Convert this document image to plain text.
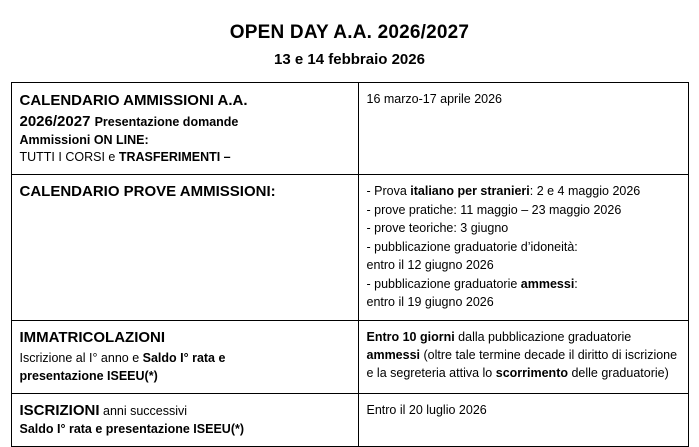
OPEN DAY A.A. 2026/2027
13 e 14 febbraio 2026
CALENDARIO AMMISSIONI A.A.
2026/2027 Presentazione domande
Ammissioni ON LINE:
TUTTI I CORSI e TRASFERIMENTI –	16 marzo-17 aprile 2026

CALENDARIO PROVE AMMISSIONI:	- Prova italiano per stranieri: 2 e 4 maggio 2026
- prove pratiche: 11 maggio – 23 maggio 2026
- prove teoriche: 3 giugno
- pubblicazione graduatorie d’idoneità:
entro il 12 giugno 2026
- pubblicazione graduatorie ammessi:
entro il 19 giugno 2026

IMMATRICOLAZIONI
Iscrizione al I° anno e Saldo I° rata e
presentazione ISEEU(*)	Entro 10 giorni dalla pubblicazione graduatorie ammessi (oltre tale termine decade il diritto di iscrizione e la segreteria attiva lo scorrimento delle graduatorie)

ISCRIZIONI anni successivi
Saldo I° rata e presentazione ISEEU(*)	Entro il 20 luglio 2026
